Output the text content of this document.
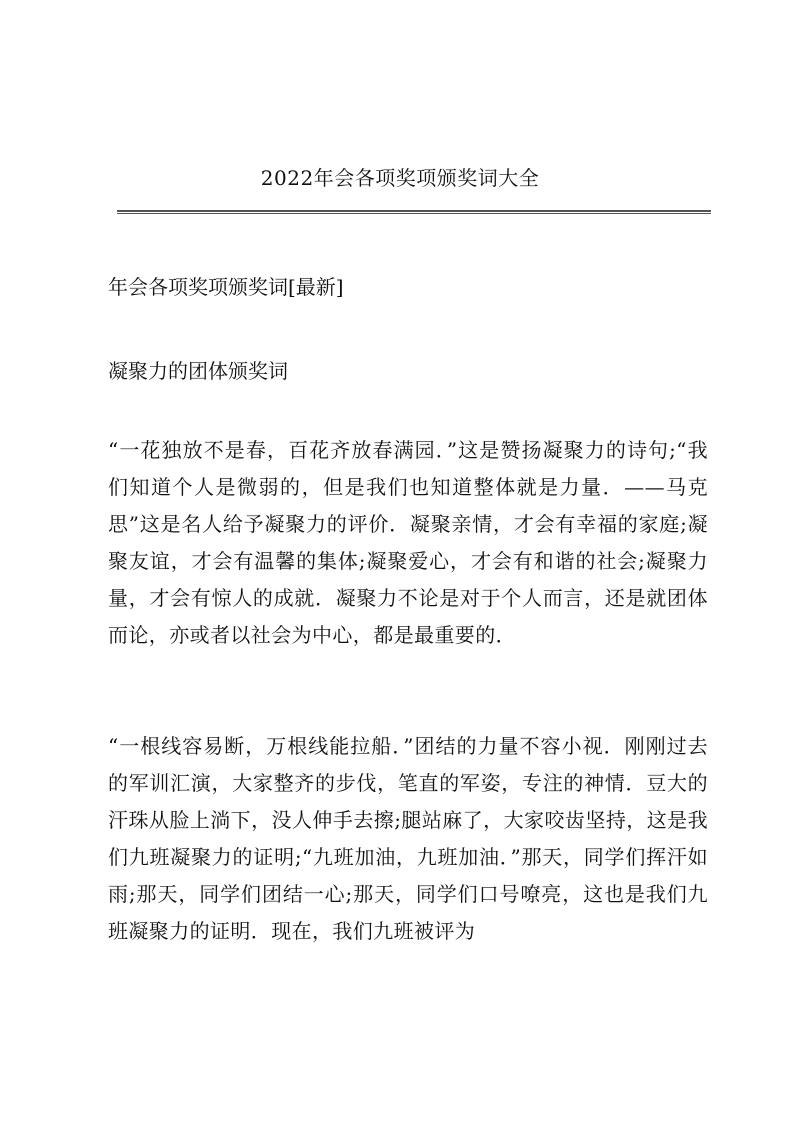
2022年会各项奖项颁奖词大全
年会各项奖项颁奖词[最新]
凝聚力的团体颁奖词

“一花独放不是春，百花齐放春满园．”这是赞扬凝聚力的诗句;“我们知道个人是微弱的，但是我们也知道整体就是力量．——马克思”这是名人给予凝聚力的评价．凝聚亲情，才会有幸福的家庭;凝聚友谊，才会有温馨的集体;凝聚爱心，才会有和谐的社会;凝聚力量，才会有惊人的成就．凝聚力不论是对于个人而言，还是就团体而论，亦或者以社会为中心，都是最重要的．

“一根线容易断，万根线能拉船．”团结的力量不容小视．刚刚过去的军训汇演，大家整齐的步伐，笔直的军姿，专注的神情．豆大的汗珠从脸上淌下，没人伸手去擦;腿站麻了，大家咬齿坚持，这是我们九班凝聚力的证明;“九班加油，九班加油．”那天，同学们挥汗如雨;那天，同学们团结一心;那天，同学们口号嘹亮，这也是我们九班凝聚力的证明．现在，我们九班被评为
